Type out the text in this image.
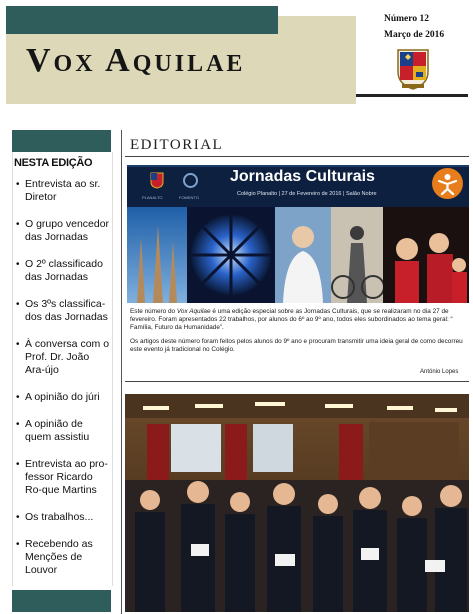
Vox Aquilae
Número 12
Março de 2016
NESTA EDIÇÃO
• Entrevista ao sr. Diretor
• O grupo vencedor das Jornadas
• O 2º classificado das Jornadas
• Os 3ºs classifica-dos das Jornadas
• À conversa com o Prof. Dr. João Ara-újo
• A opinião do júri
• A opinião de quem assistiu
• Entrevista ao pro-fessor Ricardo Ro-que Martins
• Os trabalhos...
• Recebendo as Menções de Louvor
EDITORIAL
PLANALTO	FOMENTO
Jornadas Culturais
Colégio Planalto | 27 de Fevereiro de 2016 | Salão Nobre

Este número do Vox Aquilae é uma edição especial sobre as Jornadas Culturais, que se realizaram no dia 27 de fevereiro. Foram apresentados 22 trabalhos, por alunos do 6º ao 9º ano, todos eles subordinados ao tema geral: “ Família, Futuro da Humanidade”.

Os artigos deste número foram feitos pelos alunos do 9º ano e procuram transmitir uma ideia geral de como decorreu este evento já tradicional no Colégio.

António Lopes
